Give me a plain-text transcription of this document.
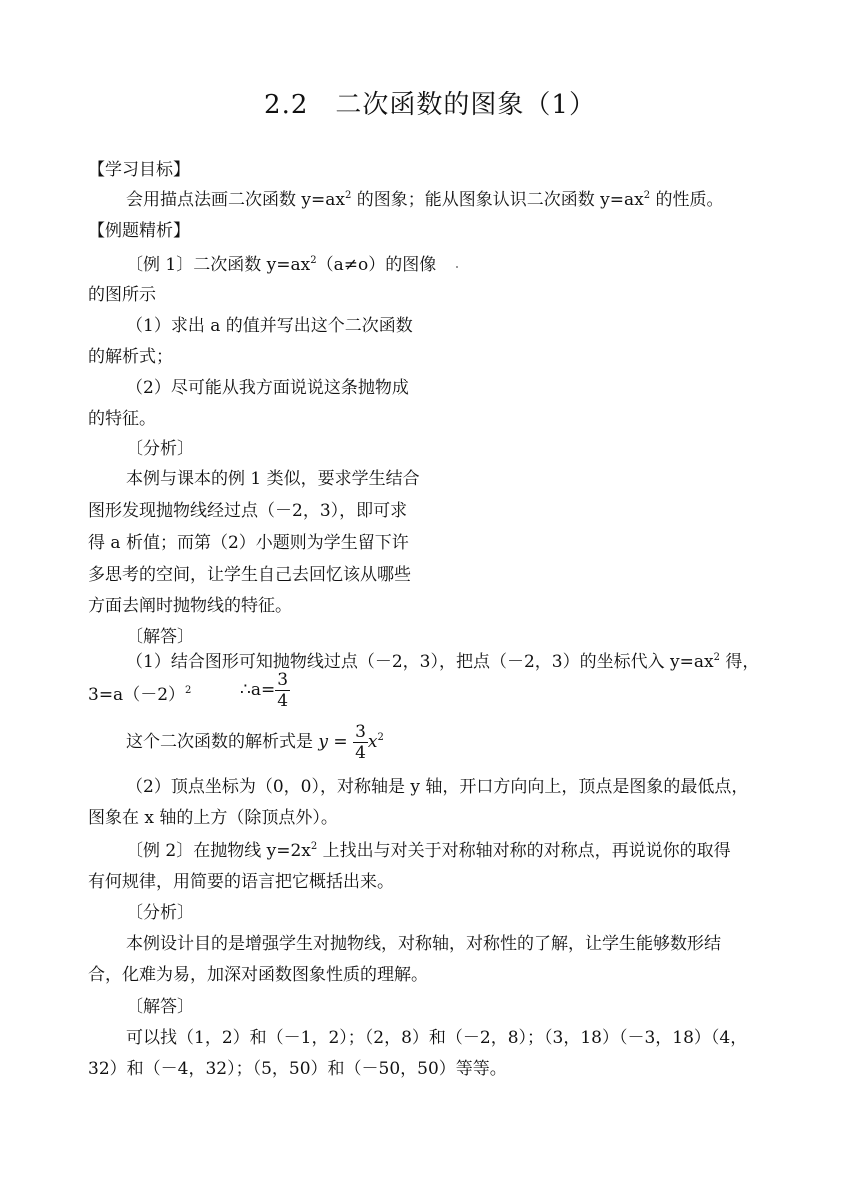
2.2　二次函数的图象（1）
【学习目标】
会用描点法画二次函数 $y=ax^2$ 的图象；能从图象认识二次函数 $y=ax^2$ 的性质。
【例题精析】
〔例 1〕二次函数 $y=ax^2(a\ne o)$的图像
的图所示
（1）求出 a 的值并写出这个二次函数
的解析式；
（2）尽可能从我方面说说这条抛物成
的特征。
〔分析〕
本例与课本的例 1 类似，要求学生结合
图形发现抛物线经过点（－2，3），即可求
得 a 析值；而第（2）小题则为学生留下许
多思考的空间，让学生自己去回忆该从哪些
方面去阐时抛物线的特征。
〔解答〕
（1）结合图形可知抛物线过点（－2，3），把点（－2，3）的坐标代入 $y=ax^2$ 得，
$3=a(-2)^2$	∴a= $\frac{3}{4}$
这个二次函数的解析式是 $y = \frac{3}{4} x^2$
（2）顶点坐标为（0，0），对称轴是 y 轴，开口方向向上，顶点是图象的最低点，
图象在 x 轴的上方（除顶点外）。
〔例 2〕在抛物线 $y=2x^2$ 上找出与对关于对称轴对称的对称点，再说说你的取得
有何规律，用简要的语言把它概括出来。
〔分析〕
本例设计目的是增强学生对抛物线，对称轴，对称性的了解，让学生能够数形结
合，化难为易，加深对函数图象性质的理解。
〔解答〕
可以找（1，2）和（－1，2）；（2，8）和（－2，8）；（3，18）（－3，18）（4，
32）和（－4，32）；（5，50）和（－50，50）等等。
